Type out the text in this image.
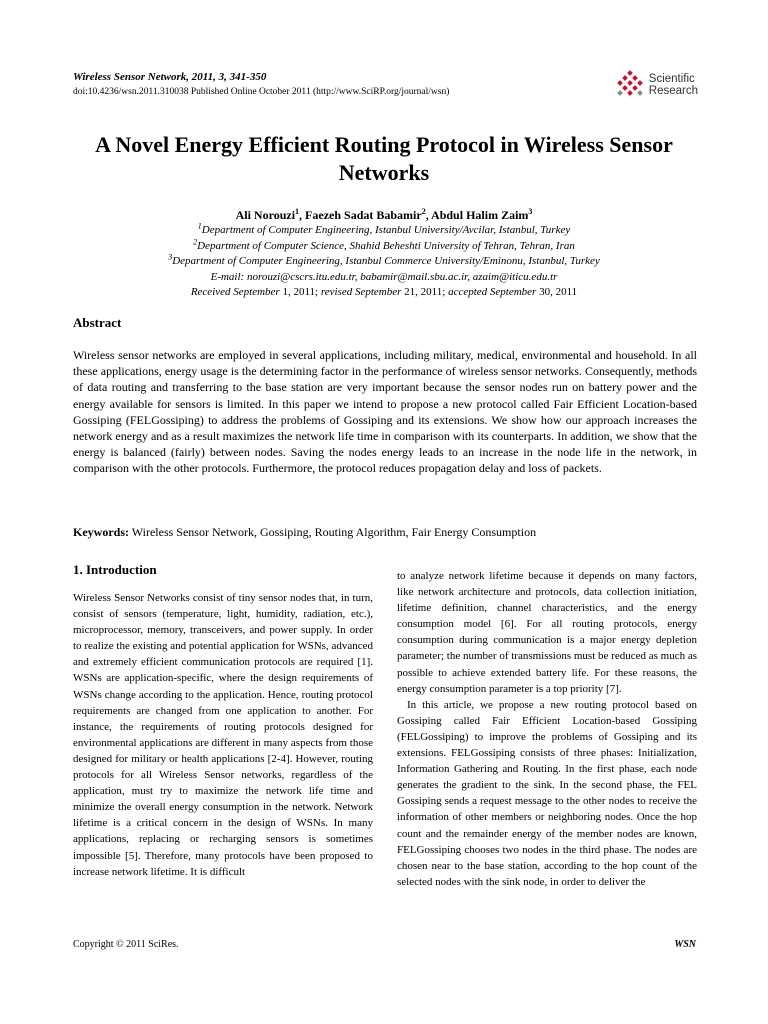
Wireless Sensor Network, 2011, 3, 341-350
doi:10.4236/wsn.2011.310038 Published Online October 2011 (http://www.SciRP.org/journal/wsn)
Scientific
Research
A Novel Energy Efficient Routing Protocol in Wireless Sensor Networks
Ali Norouzi$^1$, Faezeh Sadat Babamir$^2$, Abdul Halim Zaim$^3$
$^1$Department of Computer Engineering, Istanbul University/Avcilar, Istanbul, Turkey
$^2$Department of Computer Science, Shahid Beheshti University of Tehran, Tehran, Iran
$^3$Department of Computer Engineering, Istanbul Commerce University/Eminonu, Istanbul, Turkey
E-mail: norouzi@cscrs.itu.edu.tr, babamir@mail.sbu.ac.ir, azaim@iticu.edu.tr
Received September 1, 2011; revised September 21, 2011; accepted September 30, 2011
Abstract
Wireless sensor networks are employed in several applications, including military, medical, environmental and household. In all these applications, energy usage is the determining factor in the performance of wireless sensor networks. Consequently, methods of data routing and transferring to the base station are very important because the sensor nodes run on battery power and the energy available for sensors is limited. In this paper we intend to propose a new protocol called Fair Efficient Location-based Gossiping (FELGossiping) to address the problems of Gossiping and its extensions. We show how our approach increases the network energy and as a result maximizes the network life time in comparison with its counterparts. In addition, we show that the energy is balanced (fairly) between nodes. Saving the nodes energy leads to an increase in the node life in the network, in comparison with the other protocols. Furthermore, the protocol reduces propagation delay and loss of packets.
Keywords: Wireless Sensor Network, Gossiping, Routing Algorithm, Fair Energy Consumption
1. Introduction

Wireless Sensor Networks consist of tiny sensor nodes that, in turn, consist of sensors (temperature, light, humidity, radiation, etc.), microprocessor, memory, transceivers, and power supply. In order to realize the existing and potential application for WSNs, advanced and extremely efficient communication protocols are required [1]. WSNs are application-specific, where the design requirements of WSNs change according to the application. Hence, routing protocol requirements are changed from one application to another. For instance, the requirements of routing protocols designed for environmental applications are different in many aspects from those designed for military or health applications [2-4]. However, routing protocols for all Wireless Sensor networks, regardless of the application, must try to maximize the network life time and minimize the overall energy consumption in the network. Network lifetime is a critical concern in the design of WSNs. In many applications, replacing or recharging sensors is sometimes impossible [5]. Therefore, many protocols have been proposed to increase network lifetime. It is difficult

to analyze network lifetime because it depends on many factors, like network architecture and protocols, data collection initiation, lifetime definition, channel characteristics, and the energy consumption model [6]. For all routing protocols, energy consumption during communication is a major energy depletion parameter; the number of transmissions must be reduced as much as possible to achieve extended battery life. For these reasons, the energy consumption parameter is a top priority [7].

In this article, we propose a new routing protocol based on Gossiping called Fair Efficient Location-based Gossiping (FELGossiping) to improve the problems of Gossiping and its extensions. FELGossiping consists of three phases: Initialization, Information Gathering and Routing. In the first phase, each node generates the gradient to the sink. In the second phase, the FEL Gossiping sends a request message to the other nodes to receive the information of other members or neighboring nodes. Once the hop count and the remainder energy of the member nodes are known, FELGossiping chooses two nodes in the third phase. The nodes are chosen near to the base station, according to the hop count of the selected nodes with the sink node, in order to deliver the

Copyright © 2011 SciRes.	WSN
